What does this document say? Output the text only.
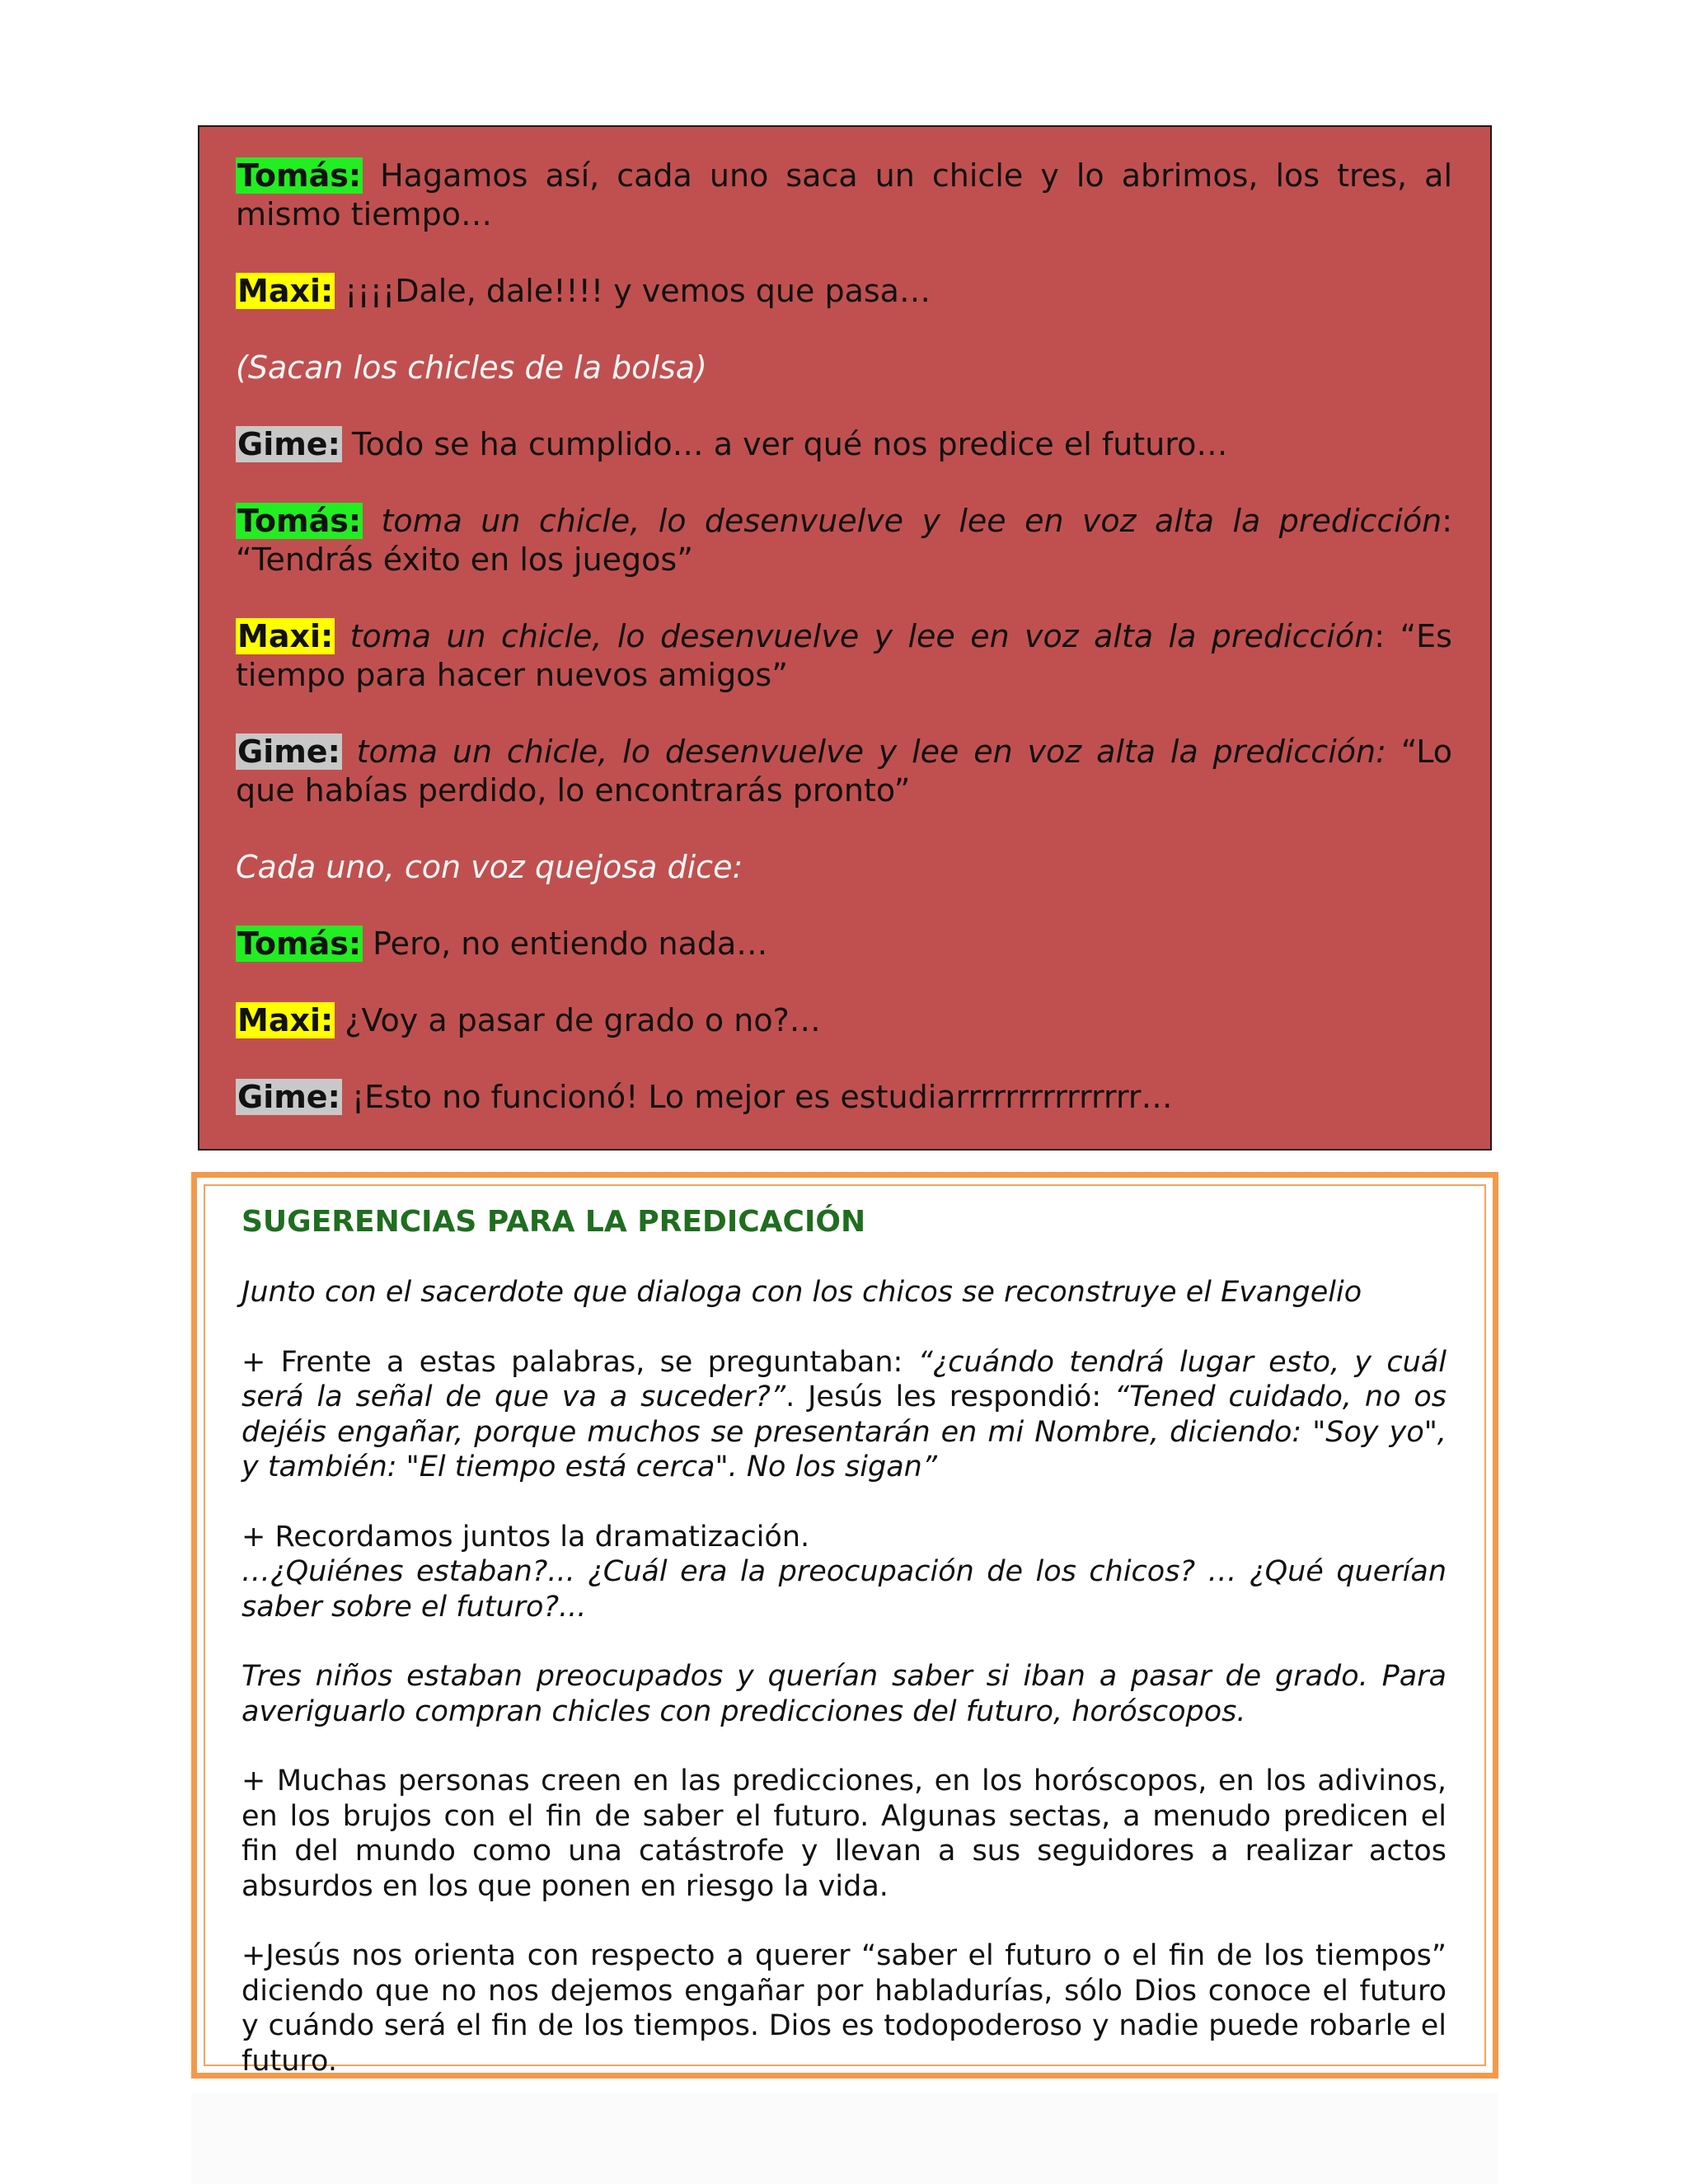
Tomás: Hagamos así, cada uno saca un chicle y lo abrimos, los tres, al mismo tiempo…

Maxi: ¡¡¡¡Dale, dale!!!! y vemos que pasa…

(Sacan los chicles de la bolsa)

Gime: Todo se ha cumplido… a ver qué nos predice el futuro…

Tomás: toma un chicle, lo desenvuelve y lee en voz alta la predicción: “Tendrás éxito en los juegos”

Maxi: toma un chicle, lo desenvuelve y lee en voz alta la predicción: “Es tiempo para hacer nuevos amigos”

Gime: toma un chicle, lo desenvuelve y lee en voz alta la predicción: “Lo que habías perdido, lo encontrarás pronto”

Cada uno, con voz quejosa dice:

Tomás: Pero, no entiendo nada…

Maxi: ¿Voy a pasar de grado o no?…

Gime: ¡Esto no funcionó! Lo mejor es estudiarrrrrrrrrrrrrrr…

SUGERENCIAS PARA LA PREDICACIÓN

Junto con el sacerdote que dialoga con los chicos se reconstruye el Evangelio

+ Frente a estas palabras, se preguntaban: “¿cuándo tendrá lugar esto, y cuál será la señal de que va a suceder?”. Jesús les respondió: “Tened cuidado, no os dejéis engañar, porque muchos se presentarán en mi Nombre, diciendo: "Soy yo", y también: "El tiempo está cerca". No los sigan”

+ Recordamos juntos la dramatización.
…¿Quiénes estaban?... ¿Cuál era la preocupación de los chicos? … ¿Qué querían saber sobre el futuro?...

Tres niños estaban preocupados y querían saber si iban a pasar de grado. Para averiguarlo compran chicles con predicciones del futuro, horóscopos.

+ Muchas personas creen en las predicciones, en los horóscopos, en los adivinos, en los brujos con el fin de saber el futuro. Algunas sectas, a menudo predicen el fin del mundo como una catástrofe y llevan a sus seguidores a realizar actos absurdos en los que ponen en riesgo la vida.

+Jesús nos orienta con respecto a querer “saber el futuro o el fin de los tiempos” diciendo que no nos dejemos engañar por habladurías, sólo Dios conoce el futuro y cuándo será el fin de los tiempos. Dios es todopoderoso y nadie puede robarle el futuro.
